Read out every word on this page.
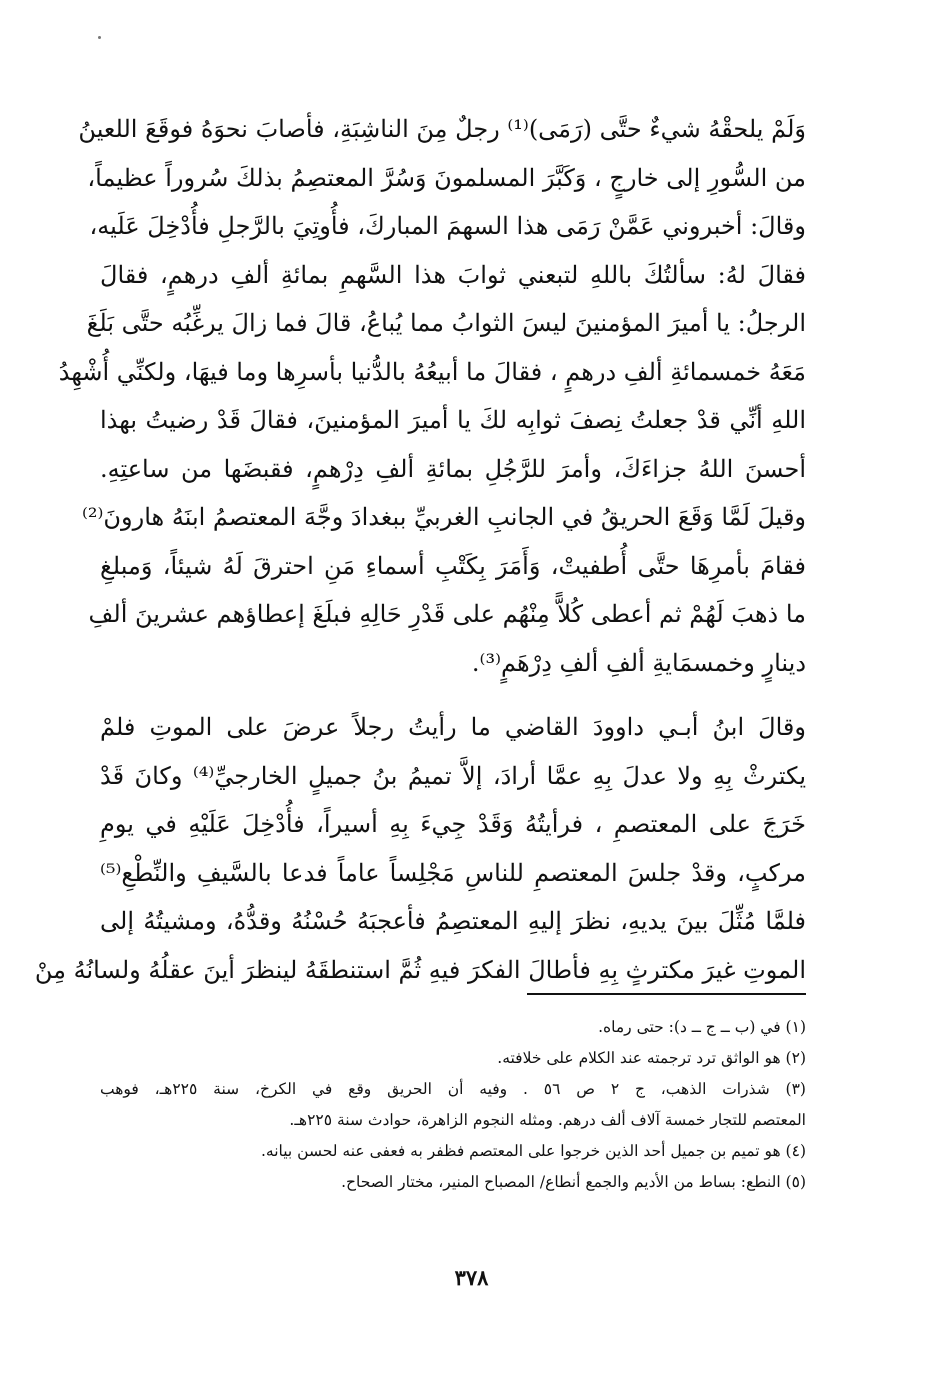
وَلَمْ يلحقْهُ شيءٌ حتَّى (رَمَى)⁽¹⁾ رجلٌ مِنَ الناشِبَةِ، فأصابَ نحوَهُ فوقَعَ اللعينُ
من السُّورِ إلى خارجٍ ، وَكَبَّرَ المسلمونَ وَسُرَّ المعتصِمُ بذلكَ سُروراً عظيماً،
وقالَ: أخبروني عَمَّنْ رَمَى هذا السهمَ المباركَ، فأُوتِيَ بالرَّجلِ فأُدْخِلَ عَلَيه،
فقالَ لهُ: سألتُكَ باللهِ لتبعني ثوابَ هذا السَّهمِ بمائةِ ألفِ درهمٍ، فقالَ
الرجلُ: يا أميرَ المؤمنينَ ليسَ الثوابُ مما يُباعُ، قالَ فما زالَ يرغِّبُه حتَّى بَلَغَ
مَعَهُ خمسمائةِ ألفِ درهمٍ ، فقالَ ما أبيعُهُ بالدُّنيا بأسرِها وما فيهَا، ولكنِّي أُشْهِدُ
اللهِ أنِّي قدْ جعلتُ نِصفَ ثوابِه لكَ يا أميرَ المؤمنينَ، فقالَ قَدْ رضيتُ بهذا
أحسنَ اللهُ جزاءَكَ، وأمرَ للرَّجُلِ بمائةِ ألفِ دِرْهمٍ، فقبضَها من ساعتِهِ.
وقيلَ لَمَّا وَقَعَ الحريقُ في الجانبِ الغربيِّ ببغدادَ وجَّهَ المعتصمُ ابنَهُ هارونَ⁽²⁾
فقامَ بأمرِهَا حتَّى أُطفيتْ، وَأَمَرَ بِكَتْبِ أسماءِ مَنِ احترقَ لَهُ شيئاً، وَمبلغِ
ما ذهبَ لَهُمْ ثم أعطى كُلاًّ مِنْهُم على قَدْرِ حَالِهِ فبلَغَ إعطاؤهم عشرينَ ألفِ
دينارٍ وخمسمَايةِ ألفِ ألفِ دِرْهَمٍ⁽³⁾.
وقالَ ابنُ أبـي داوودَ القاضي ما رأيتُ رجلاً عرضَ على الموتِ فلمْ
يكترثْ بِهِ ولا عدلَ بِهِ عمَّا أرادَ، إلاَّ تميمُ بنُ جميلٍ الخارجيِّ⁽⁴⁾ وكانَ قَدْ
خَرَجَ على المعتصمِ ، فرأيتُهُ وَقَدْ جِيءَ بِهِ أسيراً، فأُدْخِلَ عَلَيْهِ في يومِ
مركبٍ، وقدْ جلسَ المعتصمِ للناسِ مَجْلِساً عاماً فدعا بالسَّيفِ والنِّطْعِ⁽⁵⁾
فلمَّا مُثِّلَ بينَ يديهِ، نظرَ إليهِ المعتصِمُ فأعجبَهُ حُسْنُهُ وقدُّهُ، ومشيتُهُ إلى
الموتِ غيرَ مكترثٍ بِهِ فأطالَ الفكرَ فيهِ ثُمَّ استنطقَهُ لينظرَ أينَ عقلُهُ ولسانُهُ مِنْ
(١) في (ب ــ ج ــ د): حتى رماه.
(٢) هو الواثق ترد ترجمته عند الكلام على خلافته.
(٣) شذرات الذهب، ج ٢ ص ٥٦ . وفيه أن الحريق وقع في الكرخ، سنة ٢٢٥هـ، فوهب
المعتصم للتجار خمسة آلاف ألف درهم. ومثله النجوم الزاهرة، حوادث سنة ٢٢٥هـ.
(٤) هو تميم بن جميل أحد الذين خرجوا على المعتصم فظفر به فعفى عنه لحسن بيانه.
(٥) النطع: بساط من الأديم والجمع أنطاع/ المصباح المنير، مختار الصحاح.
٣٧٨
